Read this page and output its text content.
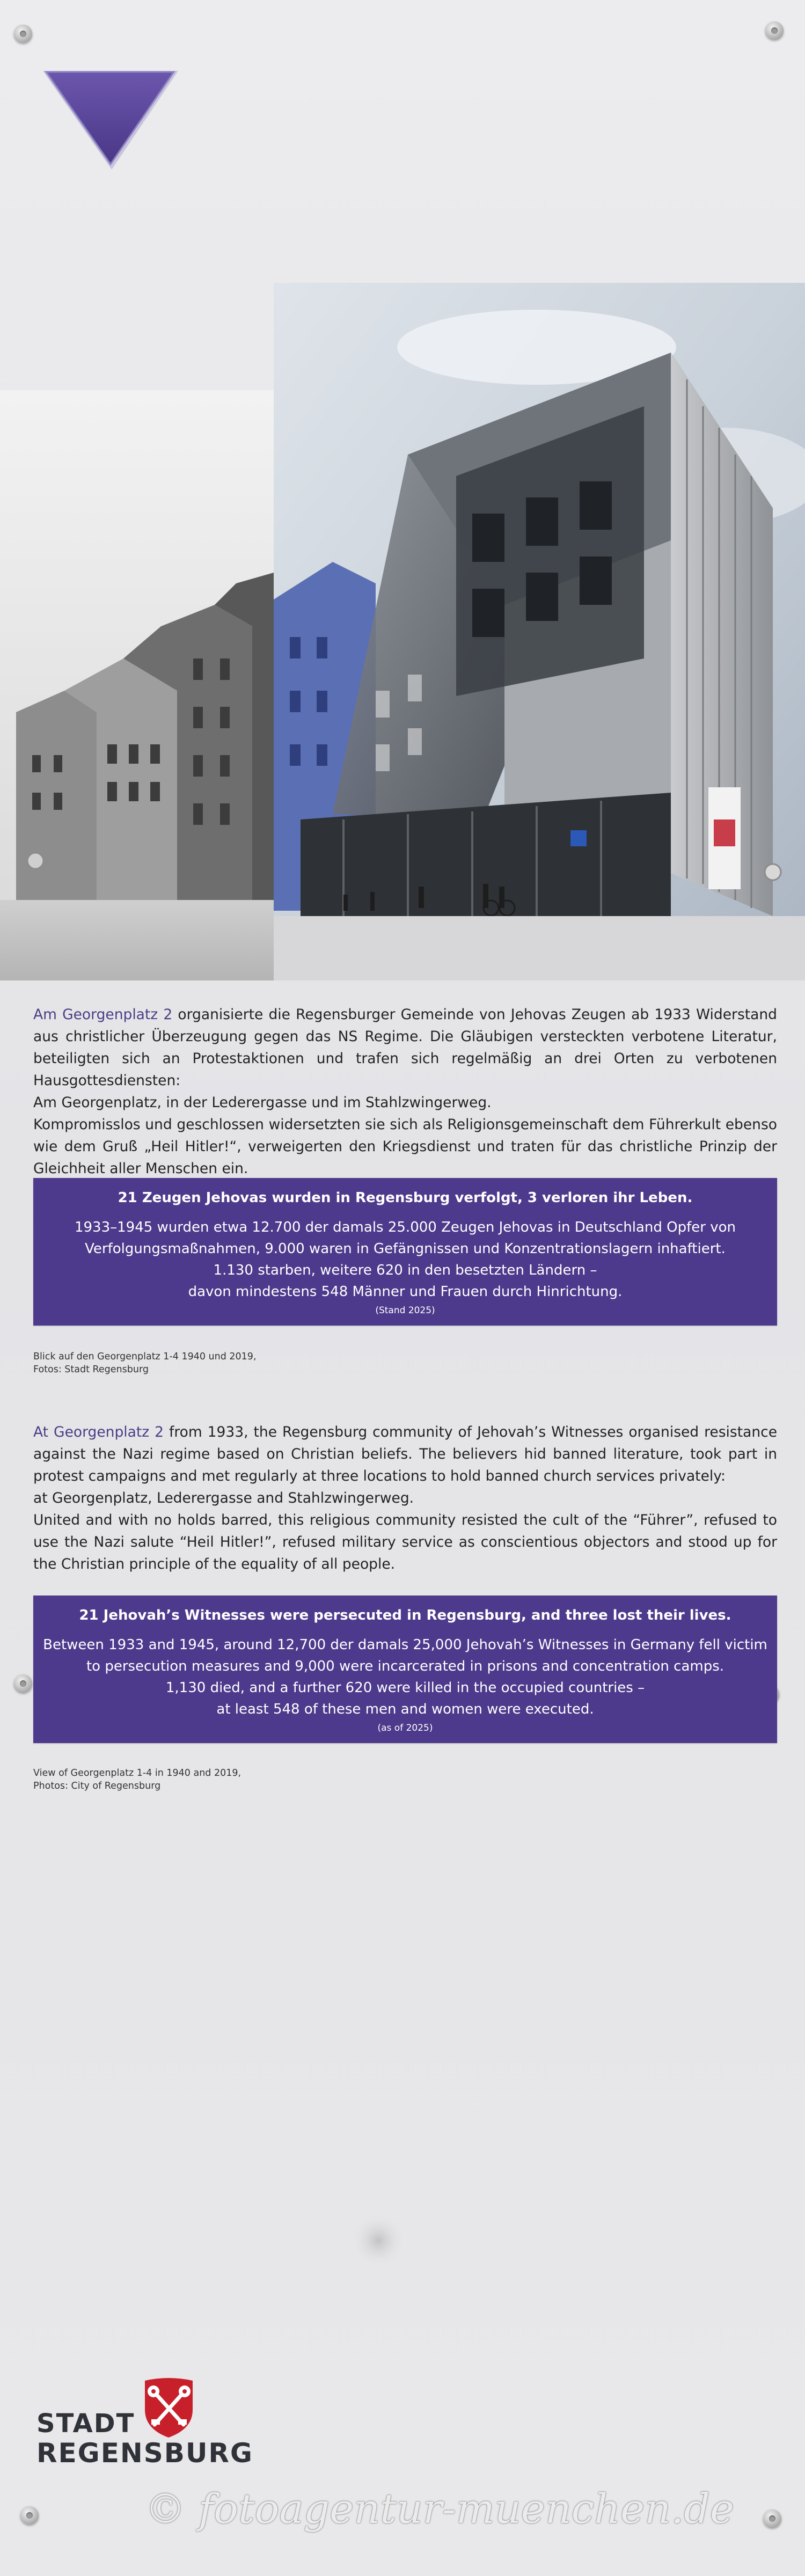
Am Georgenplatz 2 organisierte die Regensburger Gemeinde von Jehovas Zeugen ab 1933 Widerstand aus christlicher Überzeugung gegen das NS Regime. Die Gläubigen versteckten verbotene Literatur, beteiligten sich an Protestaktionen und trafen sich regelmäßig an drei Orten zu verbotenen Hausgottesdiensten:

Am Georgenplatz, in der Lederergasse und im Stahlzwingerweg.

Kompromisslos und geschlossen widersetzten sie sich als Religionsgemeinschaft dem Führerkult ebenso wie dem Gruß „Heil Hitler!“, verweigerten den Kriegsdienst und traten für das christliche Prinzip der Gleichheit aller Menschen ein.

21 Zeugen Jehovas wurden in Regensburg verfolgt, 3 verloren ihr Leben.
1933–1945 wurden etwa 12.700 der damals 25.000 Zeugen Jehovas in Deutschland Opfer von
Verfolgungsmaßnahmen, 9.000 waren in Gefängnissen und Konzentrationslagern inhaftiert.
1.130 starben, weitere 620 in den besetzten Ländern –
davon mindestens 548 Männer und Frauen durch Hinrichtung.
(Stand 2025)
Blick auf den Georgenplatz 1-4 1940 und 2019,
Fotos: Stadt Regensburg

At Georgenplatz 2 from 1933, the Regensburg community of Jehovah’s Witnesses organised resistance against the Nazi regime based on Christian beliefs. The believers hid banned literature, took part in protest campaigns and met regularly at three locations to hold banned church services privately:

at Georgenplatz, Lederergasse and Stahlzwingerweg.

United and with no holds barred, this religious community resisted the cult of the “Führer”, refused to use the Nazi salute “Heil Hitler!”, refused military service as conscientious objectors and stood up for the Christian principle of the equality of all people.

21 Jehovah’s Witnesses were persecuted in Regensburg, and three lost their lives.
Between 1933 and 1945, around 12,700 der damals 25,000 Jehovah’s Witnesses in Germany fell victim
to persecution measures and 9,000 were incarcerated in prisons and concentration camps.
1,130 died, and a further 620 were killed in the occupied countries –
at least 548 of these men and women were executed.
(as of 2025)
View of Georgenplatz 1-4 in 1940 and 2019,
Photos: City of Regensburg
STADT
REGENSBURG
© fotoagentur-muenchen.de
